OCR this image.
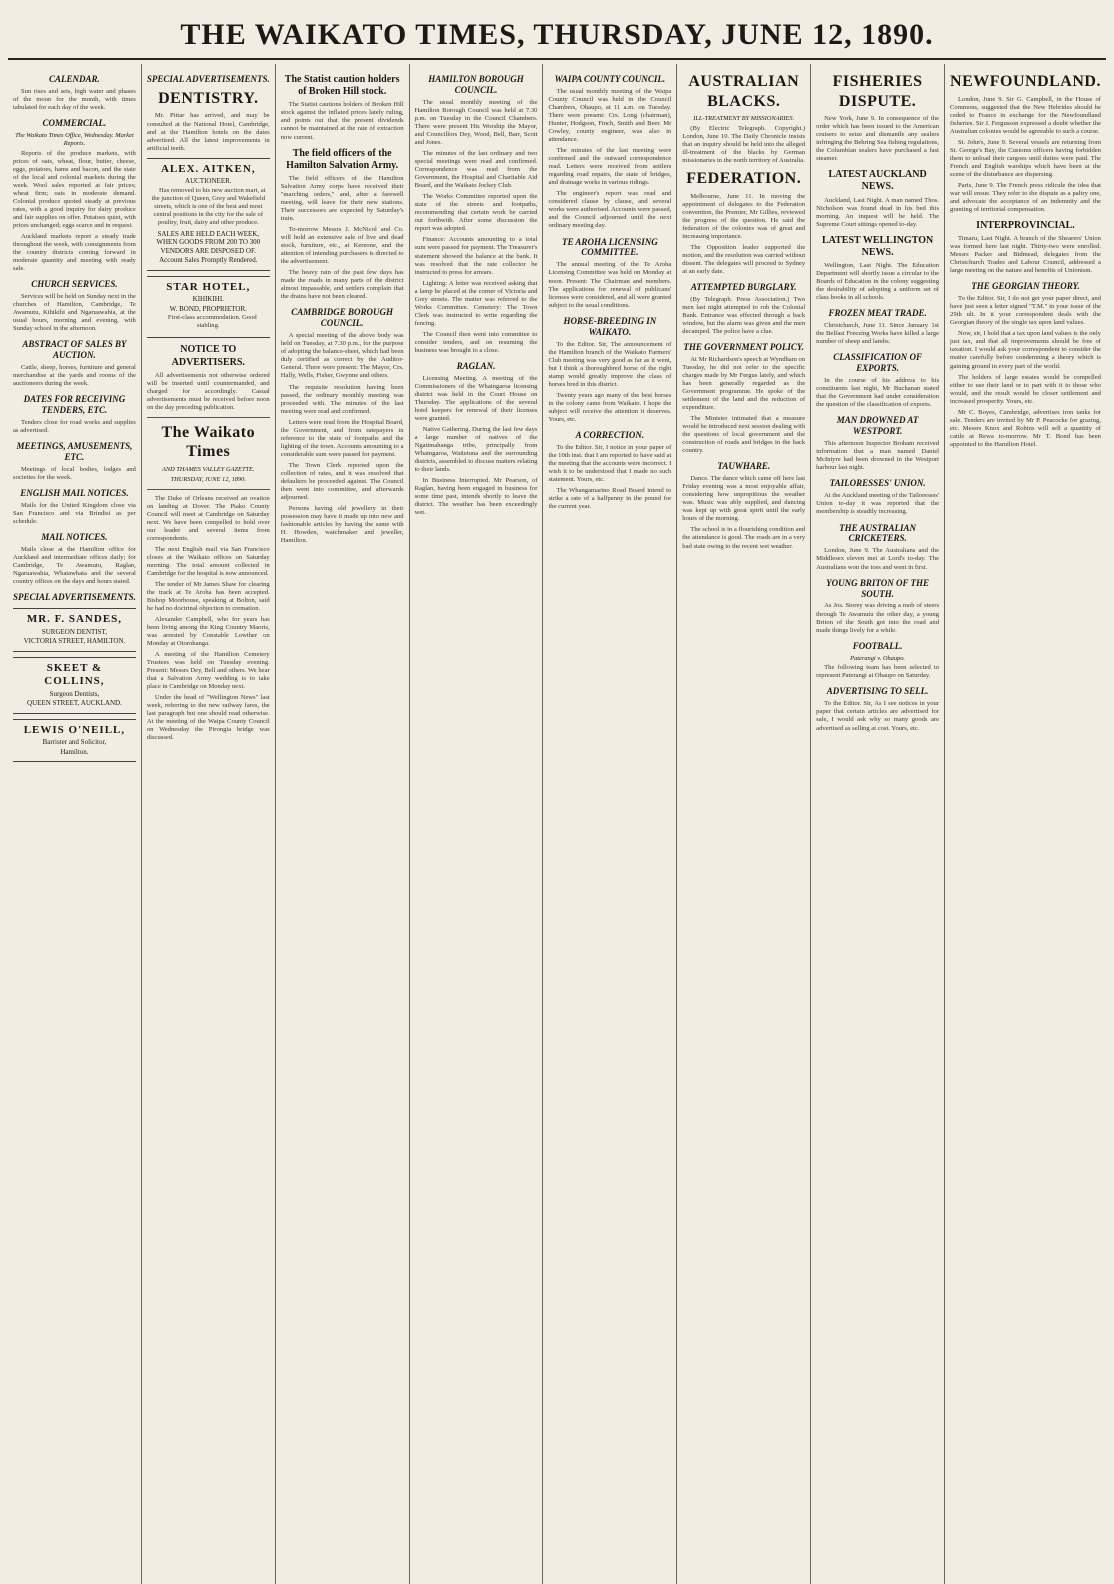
THE WAIKATO TIMES, THURSDAY, JUNE 12, 1890.
CALENDAR.

Sun rises and sets, high water and phases of the moon for the month, with times tabulated for each day of the week.

COMMERCIAL.
The Waikato Times Office, Wednesday. Market Reports.

Reports of the produce markets, with prices of oats, wheat, flour, butter, cheese, eggs, potatoes, hams and bacon, and the state of the local and colonial markets during the week. Wool sales reported at fair prices; wheat firm; oats in moderate demand. Colonial produce quoted steady at previous rates, with a good inquiry for dairy produce and fair supplies on offer. Potatoes quiet, with prices unchanged; eggs scarce and in request.

Auckland markets report a steady trade throughout the week, with consignments from the country districts coming forward in moderate quantity and meeting with ready sale.

CHURCH SERVICES.

Services will be held on Sunday next in the churches of Hamilton, Cambridge, Te Awamutu, Kihikihi and Ngaruawahia, at the usual hours, morning and evening, with Sunday school in the afternoon.

ABSTRACT OF SALES BY AUCTION.

Cattle, sheep, horses, furniture and general merchandise at the yards and rooms of the auctioneers during the week.

DATES FOR RECEIVING TENDERS, ETC.

Tenders close for road works and supplies as advertised.

MEETINGS, AMUSEMENTS, ETC.

Meetings of local bodies, lodges and societies for the week.

ENGLISH MAIL NOTICES.

Mails for the United Kingdom close via San Francisco and via Brindisi as per schedule.

MAIL NOTICES.

Mails close at the Hamilton office for Auckland and intermediate offices daily; for Cambridge, Te Awamutu, Raglan, Ngaruawahia, Whatawhata and the several country offices on the days and hours stated.

SPECIAL ADVERTISEMENTS.
MR. F. SANDES,
SURGEON DENTIST,
VICTORIA STREET, HAMILTON.
SKEET & COLLINS,
Surgeon Dentists,
QUEEN STREET, AUCKLAND.
LEWIS O'NEILL,
Barrister and Solicitor,
Hamilton.
SPECIAL ADVERTISEMENTS.
DENTISTRY.

Mr. Pittar has arrived, and may be consulted at the National Hotel, Cambridge, and at the Hamilton hotels on the dates advertised. All the latest improvements in artificial teeth.

ALEX. AITKEN,
AUCTIONEER.

Has removed to his new auction mart, at the junction of Queen, Grey and Wakefield streets, which is one of the best and most central positions in the city for the sale of poultry, fruit, dairy and other produce.

SALES ARE HELD EACH WEEK, WHEN GOODS FROM 200 TO 300 VENDORS ARE DISPOSED OF.
Account Sales Promptly Rendered.
STAR HOTEL,
KIHIKIHI.
W. BOND, PROPRIETOR.

First-class accommodation. Good stabling.

NOTICE TO ADVERTISERS.

All advertisements not otherwise ordered will be inserted until countermanded, and charged for accordingly. Casual advertisements must be received before noon on the day preceding publication.

The Waikato Times
AND THAMES VALLEY GAZETTE.
THURSDAY, JUNE 12, 1890.

The Duke of Orleans received an ovation on landing at Dover. The Piako County Council will meet at Cambridge on Saturday next. We have been compelled to hold over our leader and several items from correspondents.

The next English mail via San Francisco closes at the Waikato offices on Saturday morning. The total amount collected in Cambridge for the hospital is now announced.

The tender of Mr James Shaw for clearing the track at Te Aroha has been accepted. Bishop Moorhouse, speaking at Bolton, said he had no doctrinal objection to cremation.

Alexander Campbell, who for years has been living among the King Country Maoris, was arrested by Constable Lowther on Monday at Otorohanga.

A meeting of the Hamilton Cemetery Trustees was held on Tuesday evening. Present: Messrs Dey, Bell and others. We hear that a Salvation Army wedding is to take place in Cambridge on Monday next.

Under the head of "Wellington News" last week, referring to the new railway fares, the last paragraph but one should read otherwise. At the meeting of the Waipa County Council on Wednesday the Pirongia bridge was discussed.

The Statist caution holders of Broken Hill stock.

The Statist cautions holders of Broken Hill stock against the inflated prices lately ruling, and points out that the present dividends cannot be maintained at the rate of extraction now current.

The field officers of the Hamilton Salvation Army.

The field officers of the Hamilton Salvation Army corps have received their "marching orders," and, after a farewell meeting, will leave for their new stations. Their successors are expected by Saturday's train.

To-morrow Messrs J. McNicol and Co. will hold an extensive sale of live and dead stock, furniture, etc., at Kereone, and the attention of intending purchasers is directed to the advertisement.

The heavy rain of the past few days has made the roads in many parts of the district almost impassable, and settlers complain that the drains have not been cleared.

CAMBRIDGE BOROUGH COUNCIL.

A special meeting of the above body was held on Tuesday, at 7.30 p.m., for the purpose of adopting the balance-sheet, which had been duly certified as correct by the Auditor-General. There were present: The Mayor, Crs. Hally, Wells, Fisher, Gwynne and others.

The requisite resolution having been passed, the ordinary monthly meeting was proceeded with. The minutes of the last meeting were read and confirmed.

Letters were read from the Hospital Board, the Government, and from ratepayers in reference to the state of footpaths and the lighting of the town. Accounts amounting to a considerable sum were passed for payment.

The Town Clerk reported upon the collection of rates, and it was resolved that defaulters be proceeded against. The Council then went into committee, and afterwards adjourned.

Persons having old jewellery in their possession may have it made up into new and fashionable articles by having the same with H. Howden, watchmaker and jeweller, Hamilton.

HAMILTON BOROUGH COUNCIL.

The usual monthly meeting of the Hamilton Borough Council was held at 7.30 p.m. on Tuesday in the Council Chambers. There were present His Worship the Mayor, and Councillors Dey, Wood, Bell, Barr, Scott and Jones.

The minutes of the last ordinary and two special meetings were read and confirmed. Correspondence was read from the Government, the Hospital and Charitable Aid Board, and the Waikato Jockey Club.

The Works Committee reported upon the state of the streets and footpaths, recommending that certain work be carried out forthwith. After some discussion the report was adopted.

Finance: Accounts amounting to a total sum were passed for payment. The Treasurer's statement showed the balance at the bank. It was resolved that the rate collector be instructed to press for arrears.

Lighting: A letter was received asking that a lamp be placed at the corner of Victoria and Grey streets. The matter was referred to the Works Committee. Cemetery: The Town Clerk was instructed to write regarding the fencing.

The Council then went into committee to consider tenders, and on resuming the business was brought to a close.

RAGLAN.

Licensing Meeting. A meeting of the Commissioners of the Whaingaroa licensing district was held in the Court House on Thursday. The applications of the several hotel keepers for renewal of their licenses were granted.

Native Gathering. During the last few days a large number of natives of the Ngatimahanga tribe, principally from Whaingaroa, Waitetuna and the surrounding districts, assembled to discuss matters relating to their lands.

In Business Interrupted. Mr Pearson, of Raglan, having been engaged in business for some time past, intends shortly to leave the district. The weather has been exceedingly wet.

WAIPA COUNTY COUNCIL.

The usual monthly meeting of the Waipa County Council was held in the Council Chambers, Ohaupo, at 11 a.m. on Tuesday. There were present: Crs. Long (chairman), Hunter, Hodgson, Finch, Smith and Beer. Mr Cowley, county engineer, was also in attendance.

The minutes of the last meeting were confirmed and the outward correspondence read. Letters were received from settlers regarding road repairs, the state of bridges, and drainage works in various ridings.

The engineer's report was read and considered clause by clause, and several works were authorised. Accounts were passed, and the Council adjourned until the next ordinary meeting day.

TE AROHA LICENSING COMMITTEE.

The annual meeting of the Te Aroha Licensing Committee was held on Monday at noon. Present: The Chairman and members. The applications for renewal of publicans' licenses were considered, and all were granted subject to the usual conditions.

HORSE-BREEDING IN WAIKATO.

To the Editor. Sir, The announcement of the Hamilton branch of the Waikato Farmers' Club meeting was very good as far as it went, but I think a thoroughbred horse of the right stamp would greatly improve the class of horses bred in this district.

Twenty years ago many of the best horses in the colony came from Waikato. I hope the subject will receive the attention it deserves. Yours, etc.

A CORRECTION.

To the Editor. Sir, I notice in your paper of the 10th inst. that I am reported to have said at the meeting that the accounts were incorrect. I wish it to be understood that I made no such statement. Yours, etc.

The Whangamarino Road Board intend to strike a rate of a halfpenny in the pound for the current year.

AUSTRALIAN BLACKS.
ILL-TREATMENT BY MISSIONARIES.

(By Electric Telegraph. Copyright.) London, June 10. The Daily Chronicle insists that an inquiry should be held into the alleged ill-treatment of the blacks by German missionaries in the north territory of Australia.

FEDERATION.

Melbourne, June 11. In moving the appointment of delegates to the Federation convention, the Premier, Mr Gillies, reviewed the progress of the question. He said the federation of the colonies was of great and increasing importance.

The Opposition leader supported the motion, and the resolution was carried without dissent. The delegates will proceed to Sydney at an early date.

ATTEMPTED BURGLARY.

(By Telegraph. Press Association.) Two men last night attempted to rob the Colonial Bank. Entrance was effected through a back window, but the alarm was given and the men decamped. The police have a clue.

THE GOVERNMENT POLICY.

At Mr Richardson's speech at Wyndham on Tuesday, he did not refer to the specific charges made by Mr Fergus lately, and which has been generally regarded as the Government programme. He spoke of the settlement of the land and the reduction of expenditure.

The Minister intimated that a measure would be introduced next session dealing with the questions of local government and the construction of roads and bridges in the back country.

TAUWHARE.

Dance. The dance which came off here last Friday evening was a most enjoyable affair, considering how unpropitious the weather was. Music was ably supplied, and dancing was kept up with great spirit until the early hours of the morning.

The school is in a flourishing condition and the attendance is good. The roads are in a very bad state owing to the recent wet weather.

FISHERIES DISPUTE.

New York, June 9. In consequence of the order which has been issued to the American cruisers to seize and dismantle any sealers infringing the Behring Sea fishing regulations, the Columbian sealers have purchased a fast steamer.

LATEST AUCKLAND NEWS.

Auckland, Last Night. A man named Thos. Nicholson was found dead in his bed this morning. An inquest will be held. The Supreme Court sittings opened to-day.

LATEST WELLINGTON NEWS.

Wellington, Last Night. The Education Department will shortly issue a circular to the Boards of Education in the colony suggesting the desirability of adopting a uniform set of class books in all schools.

FROZEN MEAT TRADE.

Christchurch, June 11. Since January 1st the Belfast Freezing Works have killed a large number of sheep and lambs.

CLASSIFICATION OF EXPORTS.

In the course of his address to his constituents last night, Mr Buchanan stated that the Government had under consideration the question of the classification of exports.

MAN DROWNED AT WESTPORT.

This afternoon Inspector Broham received information that a man named Daniel McIntyre had been drowned in the Westport harbour last night.

TAILORESSES' UNION.

At the Auckland meeting of the Tailoresses' Union to-day it was reported that the membership is steadily increasing.

THE AUSTRALIAN CRICKETERS.

London, June 9. The Australians and the Middlesex eleven met at Lord's to-day. The Australians won the toss and went in first.

YOUNG BRITON OF THE SOUTH.

As Jos. Storey was driving a mob of steers through Te Awamutu the other day, a young Briton of the South got into the road and made things lively for a while.

FOOTBALL.
Paterangi v. Ohaupo.

The following team has been selected to represent Paterangi at Ohaupo on Saturday.

ADVERTISING TO SELL.

To the Editor. Sir, As I see notices in your paper that certain articles are advertised for sale, I would ask why so many goods are advertised as selling at cost. Yours, etc.

NEWFOUNDLAND.

London, June 9. Sir G. Campbell, in the House of Commons, suggested that the New Hebrides should be ceded to France in exchange for the Newfoundland fisheries. Sir J. Fergusson expressed a doubt whether the Australian colonies would be agreeable to such a course.

St. John's, June 9. Several vessels are returning from St. George's Bay, the Customs officers having forbidden them to unload their cargoes until duties were paid. The French and English warships which have been at the scene of the disturbance are dispersing.

Paris, June 9. The French press ridicule the idea that war will ensue. They refer to the dispute as a paltry one, and advocate the acceptance of an indemnity and the granting of territorial compensation.

INTERPROVINCIAL.

Timaru, Last Night. A branch of the Shearers' Union was formed here last night. Thirty-two were enrolled. Messrs Packer and Bidmead, delegates from the Christchurch Trades and Labour Council, addressed a large meeting on the nature and benefits of Unionism.

THE GEORGIAN THEORY.

To the Editor. Sir, I do not get your paper direct, and have just seen a letter signed "T.M." in your issue of the 29th ult. In it your correspondent deals with the Georgian theory of the single tax upon land values.

Now, sir, I hold that a tax upon land values is the only just tax, and that all improvements should be free of taxation. I would ask your correspondent to consider the matter carefully before condemning a theory which is gaining ground in every part of the world.

The holders of large estates would be compelled either to use their land or to part with it to those who would, and the result would be closer settlement and increased prosperity. Yours, etc.

Mr C. Boyes, Cambridge, advertises iron tanks for sale. Tenders are invited by Mr P. Peacocke for grazing, etc. Messrs Knox and Robins will sell a quantity of cattle at Rewa to-morrow. Mr T. Bond has been appointed to the Hamilton Hotel.
